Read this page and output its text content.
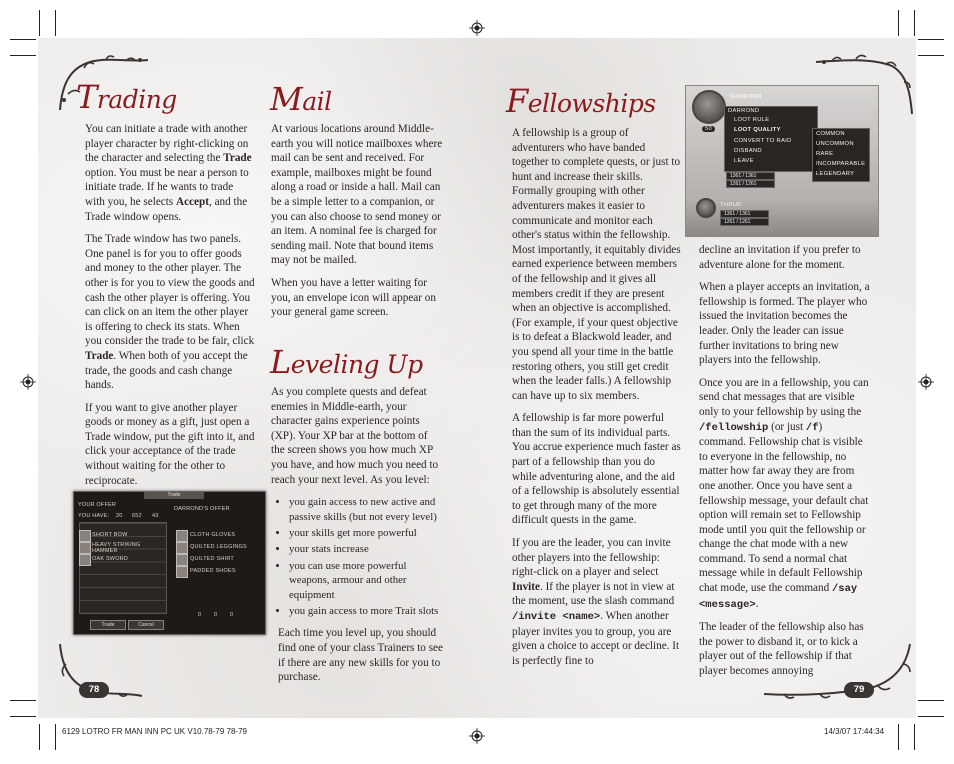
Trading

You can initiate a trade with another player character by right-clicking on the character and selecting the Trade option. You must be near a person to initiate trade. If he wants to trade with you, he selects Accept, and the Trade window opens.

The Trade window has two panels. One panel is for you to offer goods and money to the other player. The other is for you to view the goods and cash the other player is offering. You can click on an item the other player is offering to check its stats. When you consider the trade to be fair, click Trade. When both of you accept the trade, the goods and cash change hands.

If you want to give another player goods or money as a gift, just open a Trade window, put the gift into it, and click your acceptance of the trade without waiting for the other to reciprocate.

Trade
YOUR OFFER
YOU HAVE: 20 652 43
DARROND'S OFFER
SHORT BOW
HEAVY STRIKING HAMMER
OAK SWORD
CLOTH GLOVES
QUILTED LEGGINGS
QUILTED SHIRT
PADDED SHOES
0 0 0
Trade	Cancel
78
Mail

At various locations around Middle-earth you will notice mailboxes where mail can be sent and received. For example, mailboxes might be found along a road or inside a hall. Mail can be a simple letter to a companion, or you can also choose to send money or an item. A nominal fee is charged for sending mail. Note that bound items may not be mailed.

When you have a letter waiting for you, an envelope icon will appear on your general game screen.

Leveling Up

As you complete quests and defeat enemies in Middle-earth, your character gains experience points (XP). Your XP bar at the bottom of the screen shows you how much XP you have, and how much you need to reach your next level. As you level:

• you gain access to new active and passive skills (but not every level)
• your skills get more powerful
• your stats increase
• you can use more powerful weapons, armour and other equipment
• you gain access to more Trait slots

Each time you level up, you should find one of your class Trainers to see if there are any new skills for you to purchase.

Fellowships

A fellowship is a group of adventurers who have banded together to complete quests, or just to hunt and increase their skills. Formally grouping with other adventurers makes it easier to communicate and monitor each other's status within the fellowship. Most importantly, it equitably divides earned experience between members of the fellowship and it gives all members credit if they are present when an objective is accomplished. (For example, if your quest objective is to defeat a Blackwold leader, and you spend all your time in the battle restoring others, you still get credit when the leader falls.) A fellowship can have up to six members.

A fellowship is far more powerful than the sum of its individual parts. You accrue experience much faster as part of a fellowship than you do while adventuring alone, and the aid of a fellowship is absolutely essential to get through many of the more difficult quests in the game.

If you are the leader, you can invite other players into the fellowship: right-click on a player and select Invite. If the player is not in view at the moment, use the slash command /invite <name>. When another player invites you to group, you are given a choice to accept or decline. It is perfectly fine to

50
DARROND
DARROND
LOOT RULE
LOOT QUALITY
CONVERT TO RAID
DISBAND
LEAVE
COMMON
UNCOMMON
RARE
INCOMPARABLE
LEGENDARY
1361 / 1361
1261 / 1261
THRUD
1361 / 1361
1261 / 1261

decline an invitation if you prefer to adventure alone for the moment.

When a player accepts an invitation, a fellowship is formed. The player who issued the invitation becomes the leader. Only the leader can issue further invitations to bring new players into the fellowship.

Once you are in a fellowship, you can send chat messages that are visible only to your fellowship by using the /fellowship (or just /f) command. Fellowship chat is visible to everyone in the fellowship, no matter how far away they are from one another. Once you have sent a fellowship message, your default chat option will remain set to Fellowship mode until you quit the fellowship or change the chat mode with a new command. To send a normal chat message while in default Fellowship chat mode, use the command /say <message>.

The leader of the fellowship also has the power to disband it, or to kick a player out of the fellowship if that player becomes annoying

79
6129 LOTRO FR MAN INN PC UK V10.78-79 78-79	14/3/07 17:44:34
